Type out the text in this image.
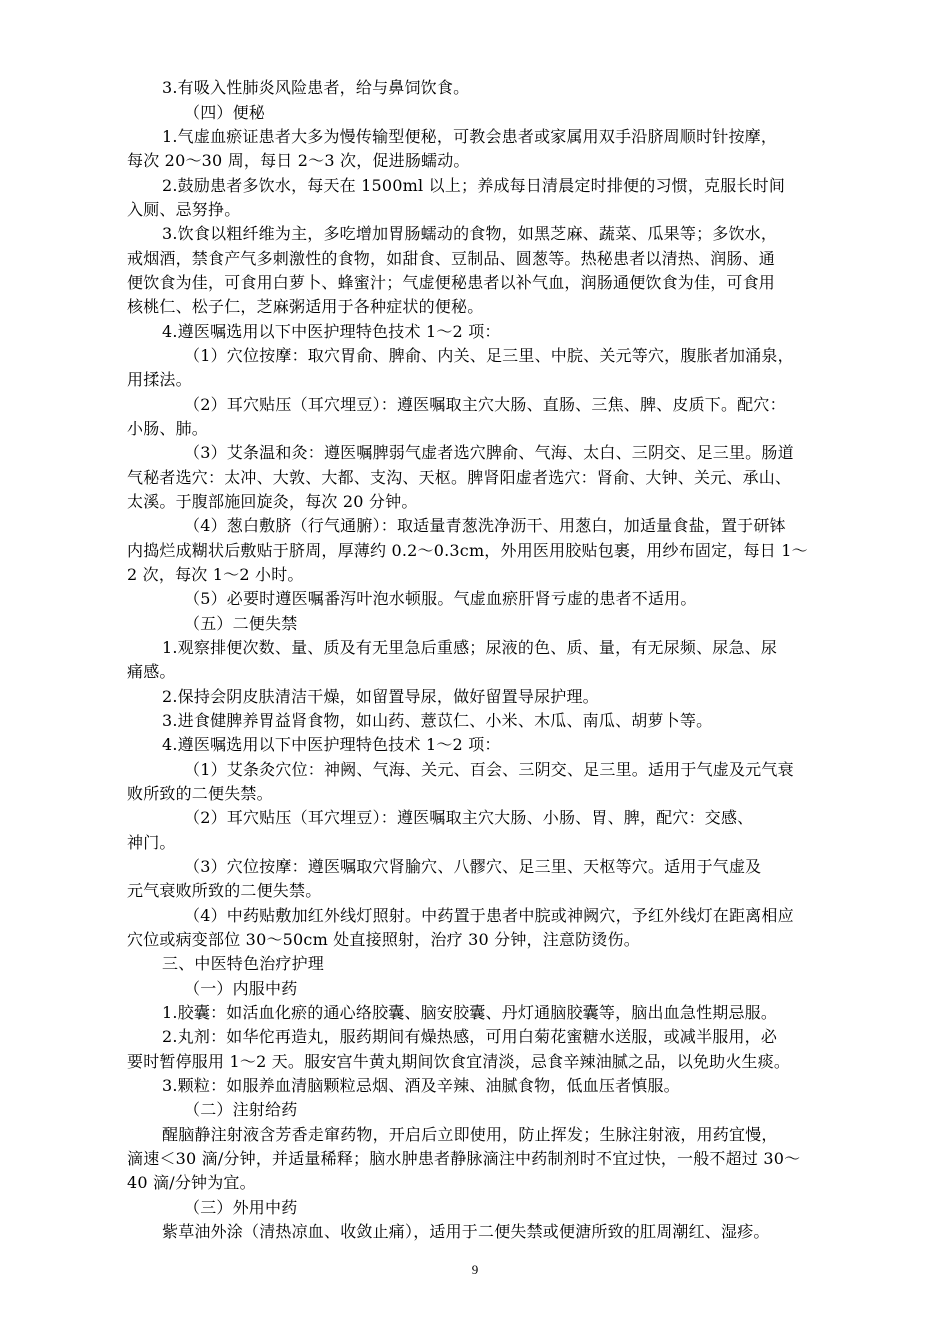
3.有吸入性肺炎风险患者，给与鼻饲饮食。
（四）便秘
1.气虚血瘀证患者大多为慢传输型便秘，可教会患者或家属用双手沿脐周顺时针按摩，
每次 20～30 周，每日 2～3 次，促进肠蠕动。
2.鼓励患者多饮水，每天在 1500ml 以上；养成每日清晨定时排便的习惯，克服长时间
入厕、忌努挣。
3.饮食以粗纤维为主，多吃增加胃肠蠕动的食物，如黑芝麻、蔬菜、瓜果等；多饮水，
戒烟酒，禁食产气多刺激性的食物，如甜食、豆制品、圆葱等。热秘患者以清热、润肠、通
便饮食为佳，可食用白萝卜、蜂蜜汁；气虚便秘患者以补气血，润肠通便饮食为佳，可食用
核桃仁、松子仁，芝麻粥适用于各种症状的便秘。
4.遵医嘱选用以下中医护理特色技术 1～2 项：
（1）穴位按摩：取穴胃俞、脾俞、内关、足三里、中脘、关元等穴，腹胀者加涌泉，
用揉法。
（2）耳穴贴压（耳穴埋豆）：遵医嘱取主穴大肠、直肠、三焦、脾、皮质下。配穴：
小肠、肺。
（3）艾条温和灸：遵医嘱脾弱气虚者选穴脾俞、气海、太白、三阴交、足三里。肠道
气秘者选穴：太冲、大敦、大都、支沟、天枢。脾肾阳虚者选穴：肾俞、大钟、关元、承山、
太溪。于腹部施回旋灸，每次 20 分钟。
（4）葱白敷脐（行气通腑）：取适量青葱洗净沥干、用葱白，加适量食盐，置于研钵
内捣烂成糊状后敷贴于脐周，厚薄约 0.2～0.3cm，外用医用胶贴包裹，用纱布固定，每日 1～
2 次，每次 1～2 小时。
（5）必要时遵医嘱番泻叶泡水顿服。气虚血瘀肝肾亏虚的患者不适用。
（五）二便失禁
1.观察排便次数、量、质及有无里急后重感；尿液的色、质、量，有无尿频、尿急、尿
痛感。
2.保持会阴皮肤清洁干燥，如留置导尿，做好留置导尿护理。
3.进食健脾养胃益肾食物，如山药、薏苡仁、小米、木瓜、南瓜、胡萝卜等。
4.遵医嘱选用以下中医护理特色技术 1～2 项：
（1）艾条灸穴位：神阙、气海、关元、百会、三阴交、足三里。适用于气虚及元气衰
败所致的二便失禁。
（2）耳穴贴压（耳穴埋豆）：遵医嘱取主穴大肠、小肠、胃、脾，配穴：交感、
神门。
（3）穴位按摩：遵医嘱取穴肾腧穴、八髎穴、足三里、天枢等穴。适用于气虚及
元气衰败所致的二便失禁。
（4）中药贴敷加红外线灯照射。中药置于患者中脘或神阙穴，予红外线灯在距离相应
穴位或病变部位 30～50cm 处直接照射，治疗 30 分钟，注意防烫伤。
三、中医特色治疗护理
（一）内服中药
1.胶囊：如活血化瘀的通心络胶囊、脑安胶囊、丹灯通脑胶囊等，脑出血急性期忌服。
2.丸剂：如华佗再造丸，服药期间有燥热感，可用白菊花蜜糖水送服，或减半服用，必
要时暂停服用 1～2 天。服安宫牛黄丸期间饮食宜清淡，忌食辛辣油腻之品，以免助火生痰。
3.颗粒：如服养血清脑颗粒忌烟、酒及辛辣、油腻食物，低血压者慎服。
（二）注射给药
醒脑静注射液含芳香走窜药物，开启后立即使用，防止挥发；生脉注射液，用药宜慢，
滴速＜30 滴/分钟，并适量稀释；脑水肿患者静脉滴注中药制剂时不宜过快，一般不超过 30～
40 滴/分钟为宜。
（三）外用中药
紫草油外涂（清热凉血、收敛止痛），适用于二便失禁或便溏所致的肛周潮红、湿疹。
9
